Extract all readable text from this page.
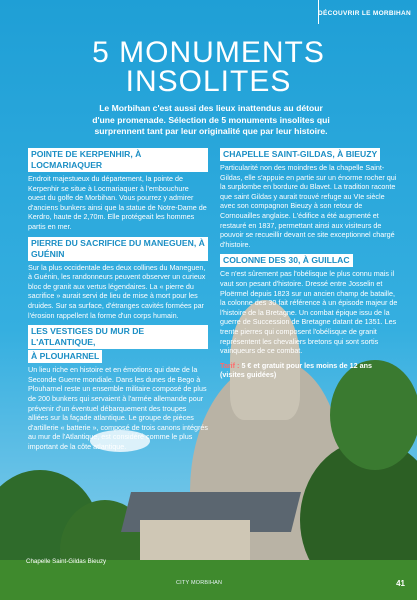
DÉCOUVRIR LE MORBIHAN
5 MONUMENTS
INSOLITES
Le Morbihan c'est aussi des lieux inattendus au détour d'une promenade. Sélection de 5 monuments insolites qui surprennent tant par leur originalité que par leur histoire.
POINTE DE KERPENHIR, À LOCMARIAQUER

Endroit majestueux du département, la pointe de Kerpenhir se situe à Locmariaquer à l'embouchure ouest du golfe de Morbihan. Vous pourrez y admirer d'anciens bunkers ainsi que la statue de Notre-Dame de Kerdro, haute de 2,70m. Elle protégeait les hommes partis en mer.

PIERRE DU SACRIFICE DU MANEGUEN, À GUÉNIN

Sur la plus occidentale des deux collines du Maneguen, à Guénin, les randonneurs peuvent observer un curieux bloc de granit aux vertus légendaires. La « pierre du sacrifice » aurait servi de lieu de mise à mort pour les druides. Sur sa surface, d'étranges cavités formées par l'érosion rappellent la forme d'un corps humain.

LES VESTIGES DU MUR DE L'ATLANTIQUE,
À PLOUHARNEL

Un lieu riche en histoire et en émotions qui date de la Seconde Guerre mondiale. Dans les dunes de Bego à Plouharnel reste un ensemble militaire composé de plus de 200 bunkers qui servaient à l'armée allemande pour prévenir d'un éventuel débarquement des troupes alliées sur la façade atlantique. Le groupe de pièces d'artillerie « batterie », composé de trois canons intégrés au mur de l'Atlantique, est considéré comme le plus important de la côte atlantique.

CHAPELLE SAINT-GILDAS, À BIEUZY

Particularité non des moindres de la chapelle Saint-Gildas, elle s'appuie en partie sur un énorme rocher qui la surplombe en bordure du Blavet. La tradition raconte que saint Gildas y aurait trouvé refuge au VIe siècle avec son compagnon Bieuzy à son retour de Cornouailles anglaise. L'édifice a été augmenté et restauré en 1837, permettant ainsi aux visiteurs de pouvoir se recueillir devant ce site exceptionnel chargé d'histoire.

COLONNE DES 30, À GUILLAC

Ce n'est sûrement pas l'obélisque le plus connu mais il vaut son pesant d'histoire. Dressé entre Josselin et Ploërmel depuis 1823 sur un ancien champ de bataille, la colonne des 30 fait référence à un épisode majeur de l'histoire de la Bretagne. Un combat épique issu de la guerre de Succession de Bretagne datant de 1351. Les trente pierres qui composent l'obélisque de granit représentent les chevaliers bretons qui sont sortis vainqueurs de ce combat.

Tarif : 5 € et gratuit pour les moins de 12 ans (visites guidées)

Chapelle Saint-Gildas Bieuzy
CITY MORBIHAN	41
